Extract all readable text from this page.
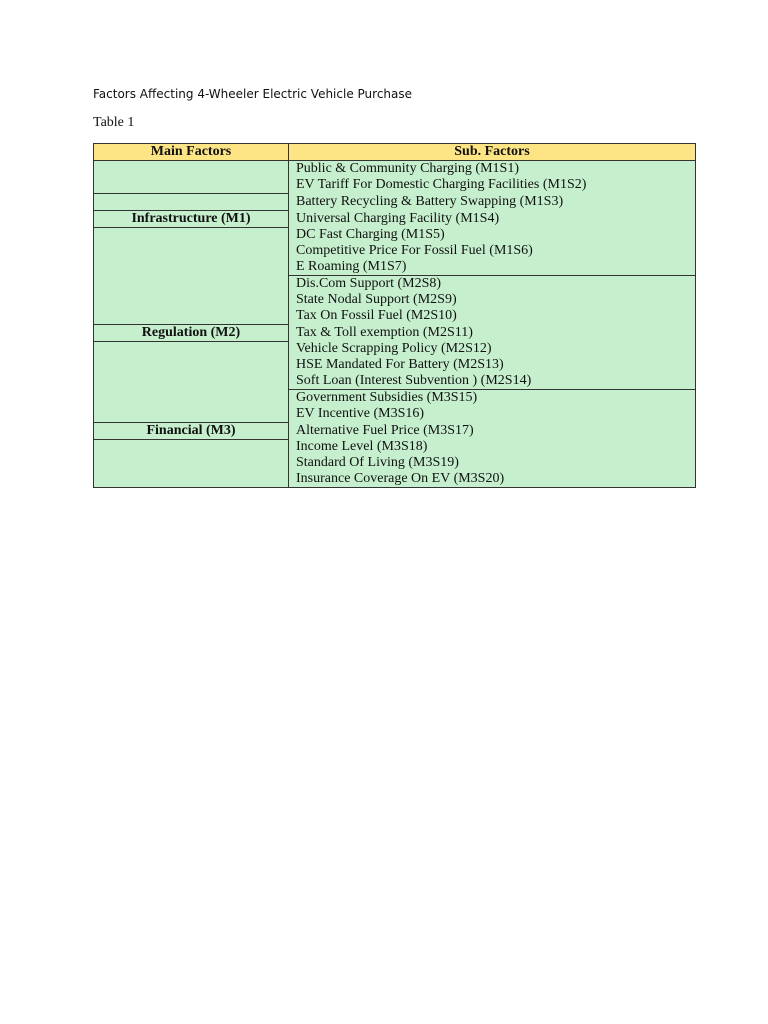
Factors Affecting 4-Wheeler Electric Vehicle Purchase
Table 1
Main Factors	Sub. Factors
	Public & Community Charging (M1S1)
	EV Tariff For Domestic Charging Facilities (M1S2)
	Battery Recycling & Battery Swapping (M1S3)
Infrastructure (M1)	Universal Charging Facility (M1S4)
	DC Fast Charging (M1S5)
	Competitive Price For Fossil Fuel (M1S6)
	E Roaming (M1S7)
	Dis.Com Support (M2S8)
	State Nodal Support (M2S9)
	Tax On Fossil Fuel (M2S10)
Regulation (M2)	Tax & Toll exemption (M2S11)
	Vehicle Scrapping Policy (M2S12)
	HSE Mandated For Battery (M2S13)
	Soft Loan (Interest Subvention ) (M2S14)
	Government Subsidies (M3S15)
	EV Incentive (M3S16)
Financial (M3)	Alternative Fuel Price (M3S17)
	Income Level (M3S18)
	Standard Of Living (M3S19)
	Insurance Coverage On EV (M3S20)
